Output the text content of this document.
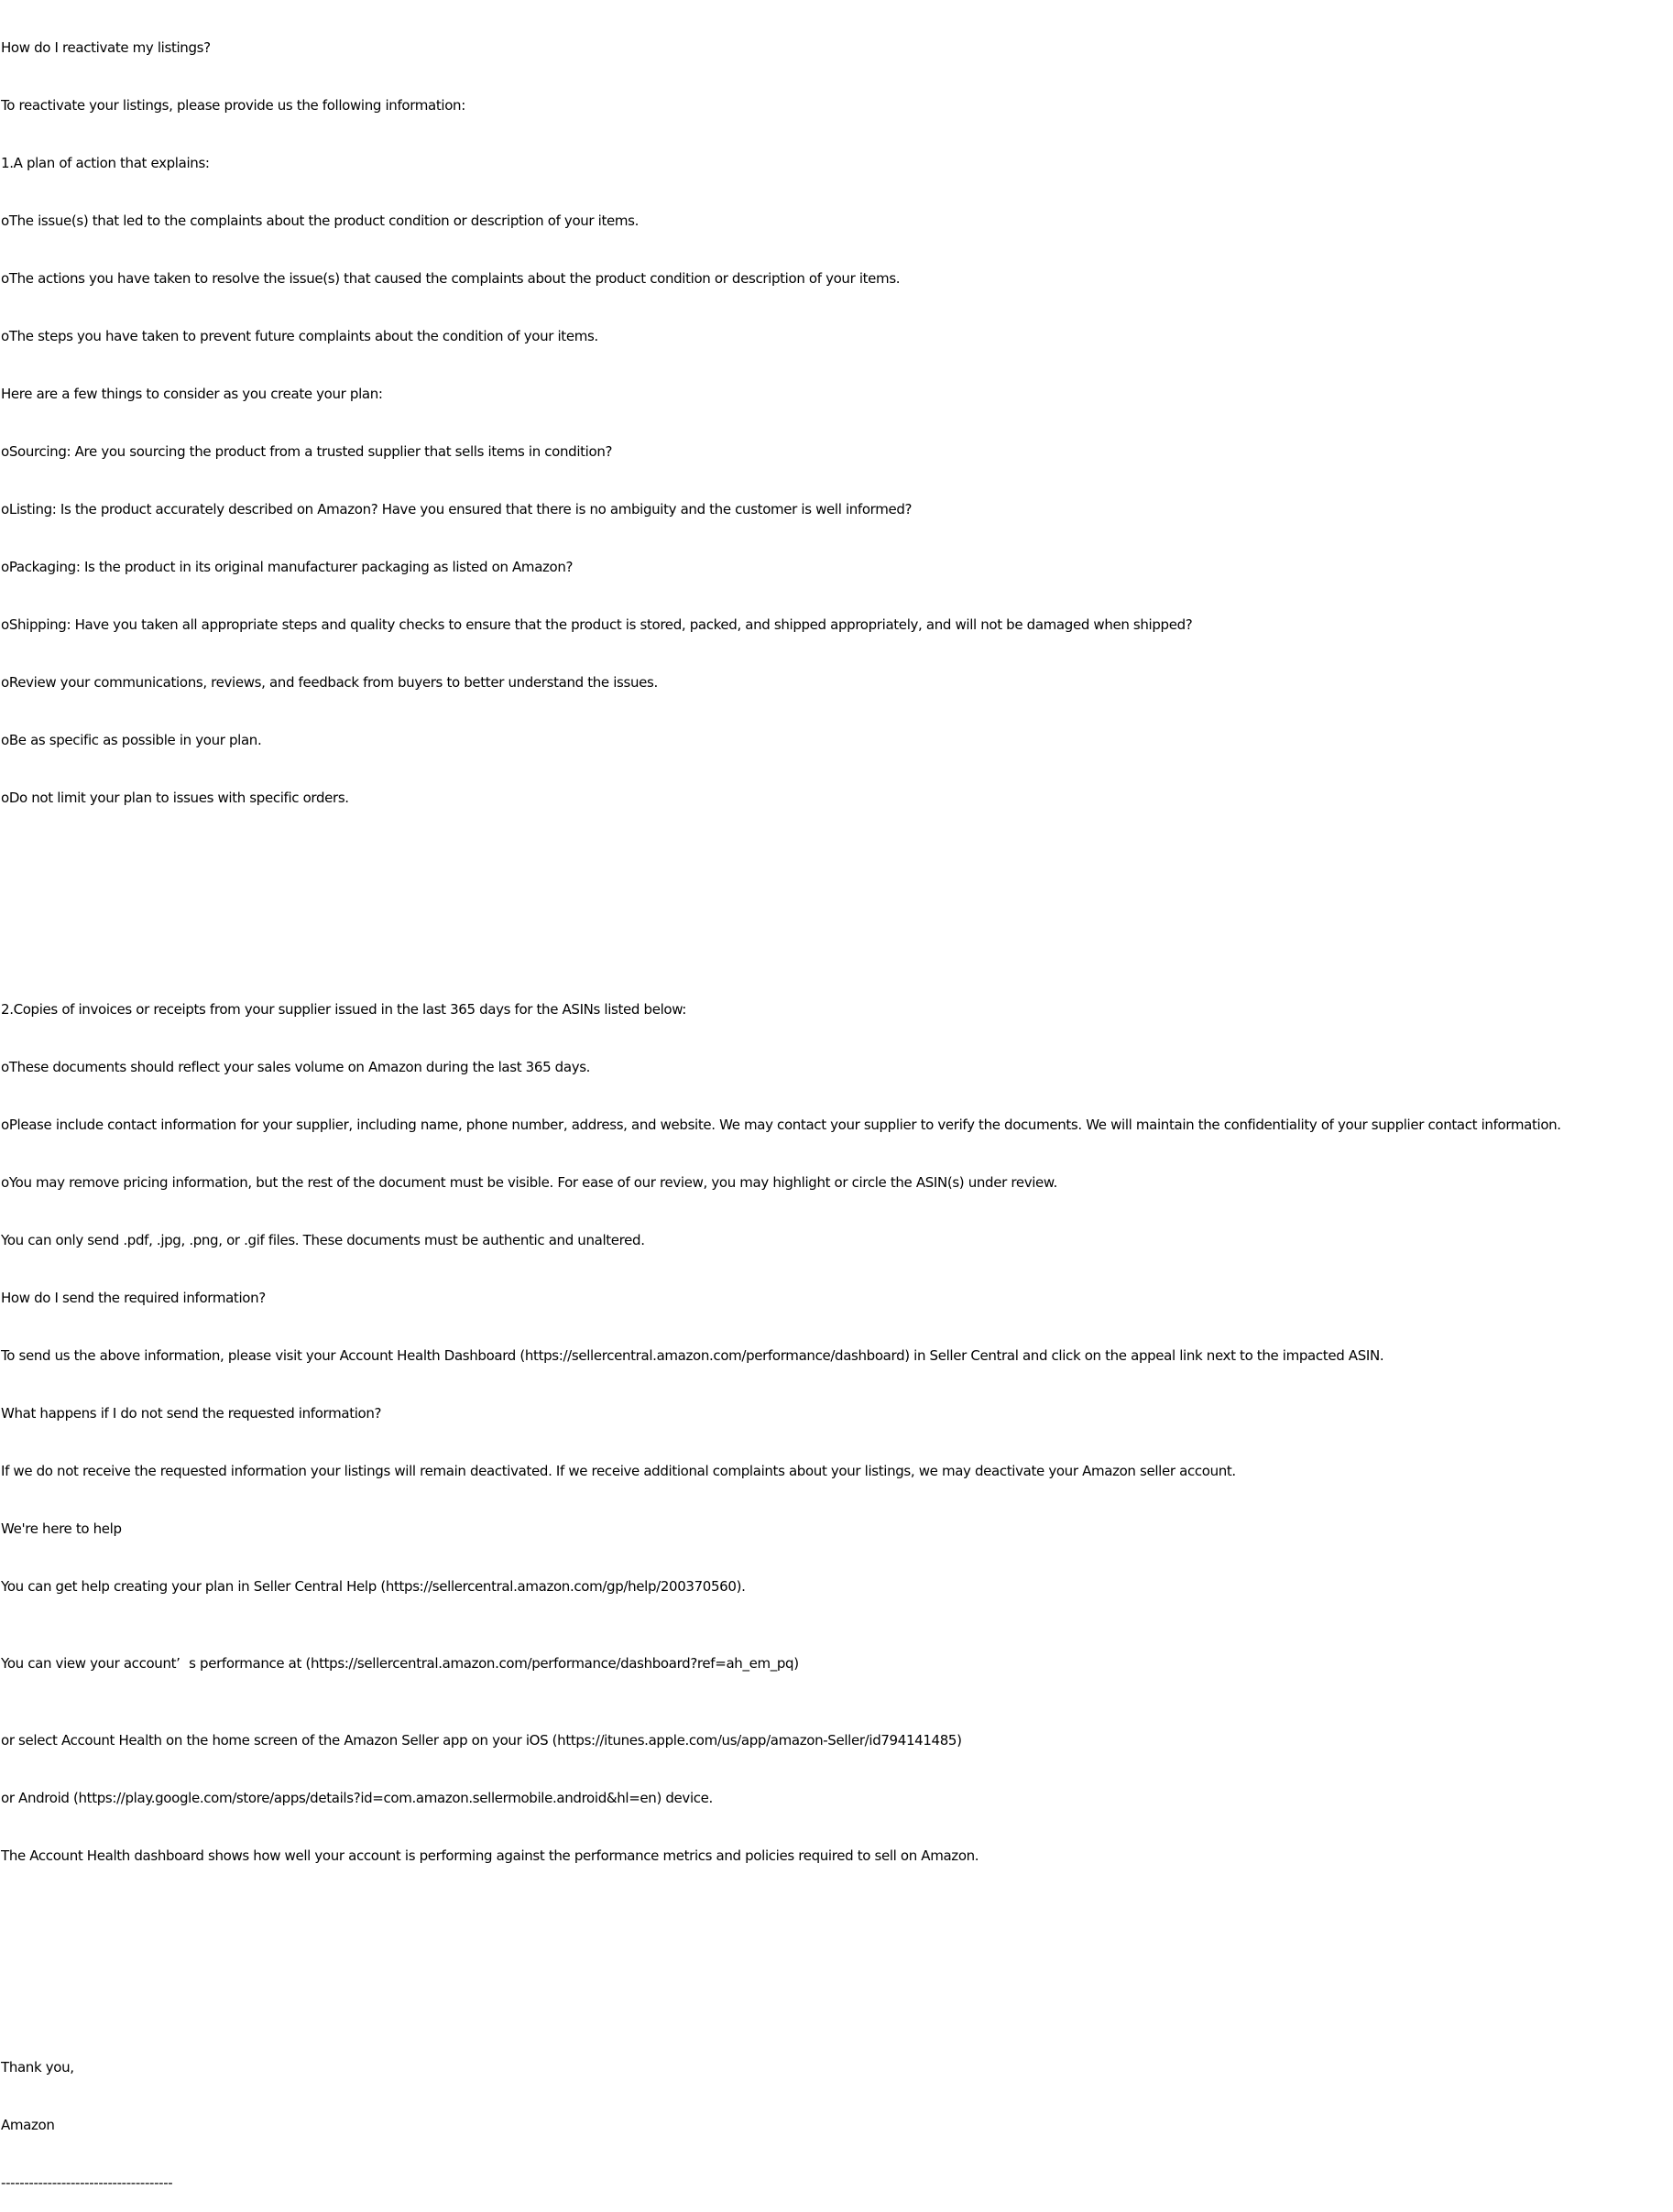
How do I reactivate my listings?

To reactivate your listings, please provide us the following information:

1.A plan of action that explains:

oThe issue(s) that led to the complaints about the product condition or description of your items.

oThe actions you have taken to resolve the issue(s) that caused the complaints about the product condition or description of your items.

oThe steps you have taken to prevent future complaints about the condition of your items.

Here are a few things to consider as you create your plan:

oSourcing: Are you sourcing the product from a trusted supplier that sells items in condition?

oListing: Is the product accurately described on Amazon? Have you ensured that there is no ambiguity and the customer is well informed?

oPackaging: Is the product in its original manufacturer packaging as listed on Amazon?

oShipping: Have you taken all appropriate steps and quality checks to ensure that the product is stored, packed, and shipped appropriately, and will not be damaged when shipped?

oReview your communications, reviews, and feedback from buyers to better understand the issues.

oBe as specific as possible in your plan.

oDo not limit your plan to issues with specific orders.

2.Copies of invoices or receipts from your supplier issued in the last 365 days for the ASINs listed below:

oThese documents should reflect your sales volume on Amazon during the last 365 days.

oPlease include contact information for your supplier, including name, phone number, address, and website. We may contact your supplier to verify the documents. We will maintain the confidentiality of your supplier contact information.

oYou may remove pricing information, but the rest of the document must be visible. For ease of our review, you may highlight or circle the ASIN(s) under review.

You can only send .pdf, .jpg, .png, or .gif files. These documents must be authentic and unaltered.

How do I send the required information?

To send us the above information, please visit your Account Health Dashboard (https://sellercentral.amazon.com/performance/dashboard) in Seller Central and click on the appeal link next to the impacted ASIN.

What happens if I do not send the requested information?

If we do not receive the requested information your listings will remain deactivated. If we receive additional complaints about your listings, we may deactivate your Amazon seller account.

We're here to help

You can get help creating your plan in Seller Central Help (https://sellercentral.amazon.com/gp/help/200370560).

You can view your account’ s performance at (https://sellercentral.amazon.com/performance/dashboard?ref=ah_em_pq)

or select Account Health on the home screen of the Amazon Seller app on your iOS (https://itunes.apple.com/us/app/amazon-Seller/id794141485)

or Android (https://play.google.com/store/apps/details?id=com.amazon.sellermobile.android&hl=en) device.

The Account Health dashboard shows how well your account is performing against the performance metrics and policies required to sell on Amazon.

Thank you,

Amazon

-------------------------------------
